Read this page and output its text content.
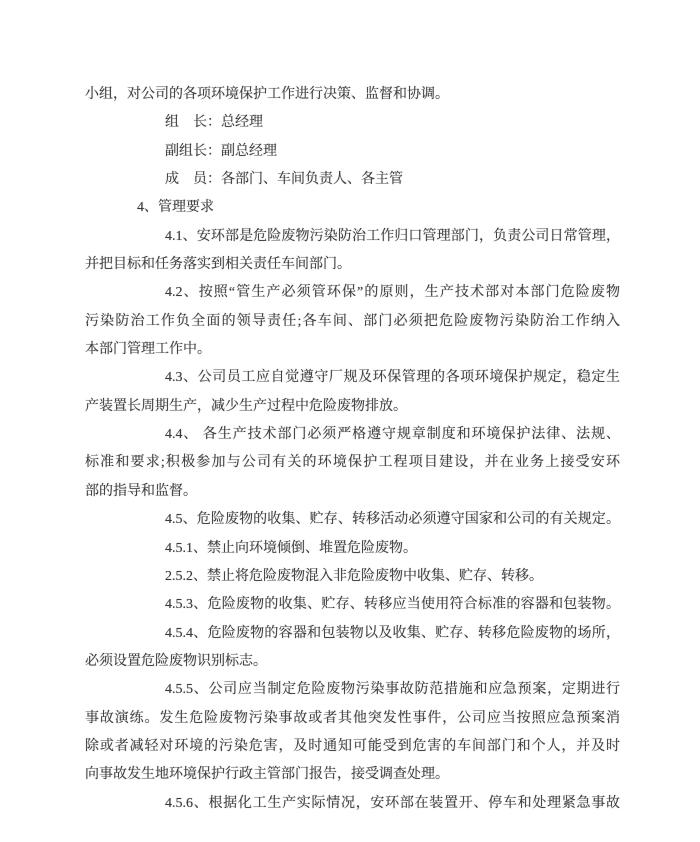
小组，对公司的各项环境保护工作进行决策、监督和协调。
组　长：总经理
副组长：副总经理
成　员：各部门、车间负责人、各主管
4、管理要求
4.1、安环部是危险废物污染防治工作归口管理部门，负责公司日常管理，
并把目标和任务落实到相关责任车间部门。
4.2、按照“管生产必须管环保”的原则，生产技术部对本部门危险废物
污染防治工作负全面的领导责任;各车间、部门必须把危险废物污染防治工作纳入
本部门管理工作中。
4.3、公司员工应自觉遵守厂规及环保管理的各项环境保护规定，稳定生
产装置长周期生产，减少生产过程中危险废物排放。
4.4、 各生产技术部门必须严格遵守规章制度和环境保护法律、法规、
标准和要求;积极参加与公司有关的环境保护工程项目建设，并在业务上接受安环
部的指导和监督。
4.5、危险废物的收集、贮存、转移活动必须遵守国家和公司的有关规定。
4.5.1、禁止向环境倾倒、堆置危险废物。
2.5.2、禁止将危险废物混入非危险废物中收集、贮存、转移。
4.5.3、危险废物的收集、贮存、转移应当使用符合标准的容器和包装物。
4.5.4、危险废物的容器和包装物以及收集、贮存、转移危险废物的场所，
必须设置危险废物识别标志。
4.5.5、公司应当制定危险废物污染事故防范措施和应急预案，定期进行
事故演练。发生危险废物污染事故或者其他突发性事件，公司应当按照应急预案消
除或者减轻对环境的污染危害，及时通知可能受到危害的车间部门和个人，并及时
向事故发生地环境保护行政主管部门报告，接受调查处理。
4.5.6、根据化工生产实际情况，安环部在装置开、停车和处理紧急事故
